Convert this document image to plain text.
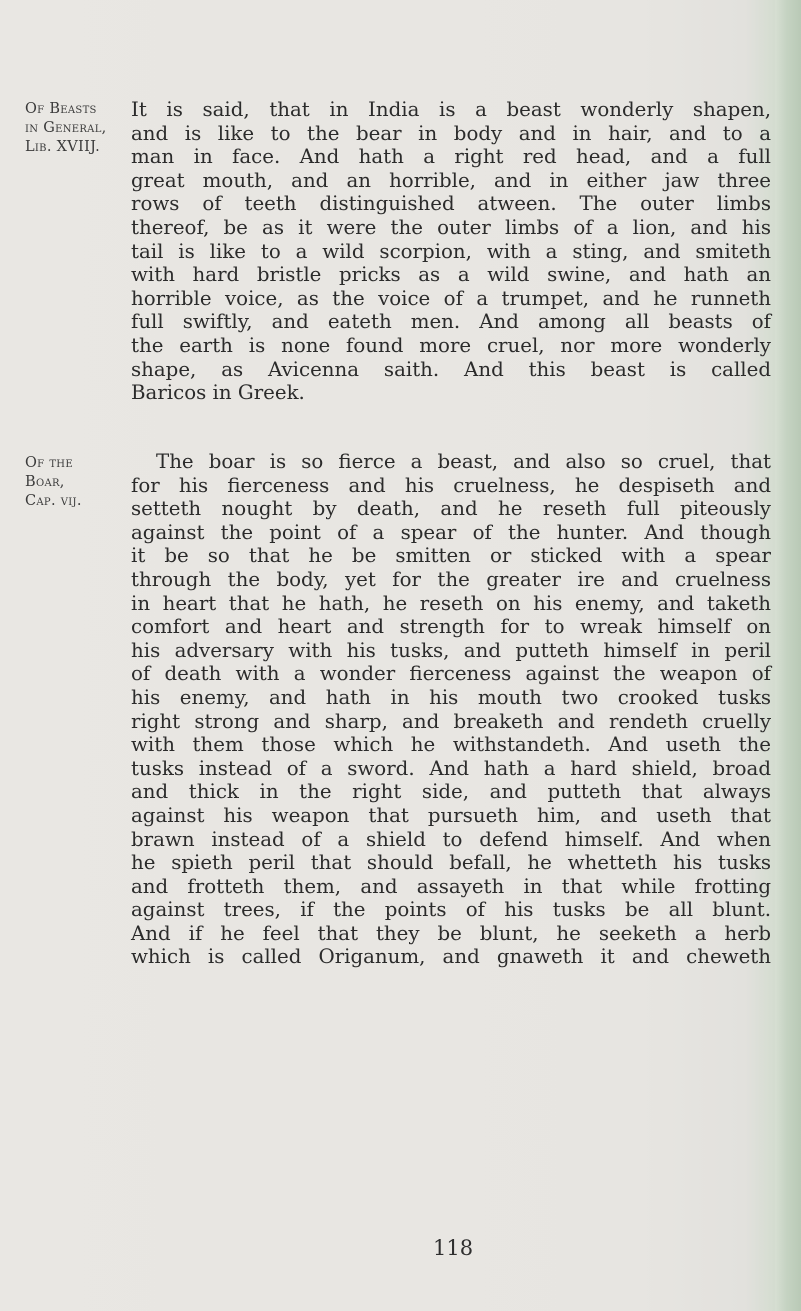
Of Beasts
in General,
Lib. XVIIJ.
It is said, that in India is a beast wonderly shapen,
and is like to the bear in body and in hair, and to a
man in face. And hath a right red head, and a full
great mouth, and an horrible, and in either jaw three
rows of teeth distinguished atween. The outer limbs
thereof, be as it were the outer limbs of a lion, and his
tail is like to a wild scorpion, with a sting, and smiteth
with hard bristle pricks as a wild swine, and hath an
horrible voice, as the voice of a trumpet, and he runneth
full swiftly, and eateth men. And among all beasts of
the earth is none found more cruel, nor more wonderly
shape, as Avicenna saith. And this beast is called
Baricos in Greek.
Of the
Boar,
Cap. vij.
The boar is so fierce a beast, and also so cruel, that
for his fierceness and his cruelness, he despiseth and
setteth nought by death, and he reseth full piteously
against the point of a spear of the hunter. And though
it be so that he be smitten or sticked with a spear
through the body, yet for the greater ire and cruelness
in heart that he hath, he reseth on his enemy, and taketh
comfort and heart and strength for to wreak himself on
his adversary with his tusks, and putteth himself in peril
of death with a wonder fierceness against the weapon of
his enemy, and hath in his mouth two crooked tusks
right strong and sharp, and breaketh and rendeth cruelly
with them those which he withstandeth. And useth the
tusks instead of a sword. And hath a hard shield, broad
and thick in the right side, and putteth that always
against his weapon that pursueth him, and useth that
brawn instead of a shield to defend himself. And when
he spieth peril that should befall, he whetteth his tusks
and frotteth them, and assayeth in that while frotting
against trees, if the points of his tusks be all blunt.
And if he feel that they be blunt, he seeketh a herb
which is called Origanum, and gnaweth it and cheweth
118
